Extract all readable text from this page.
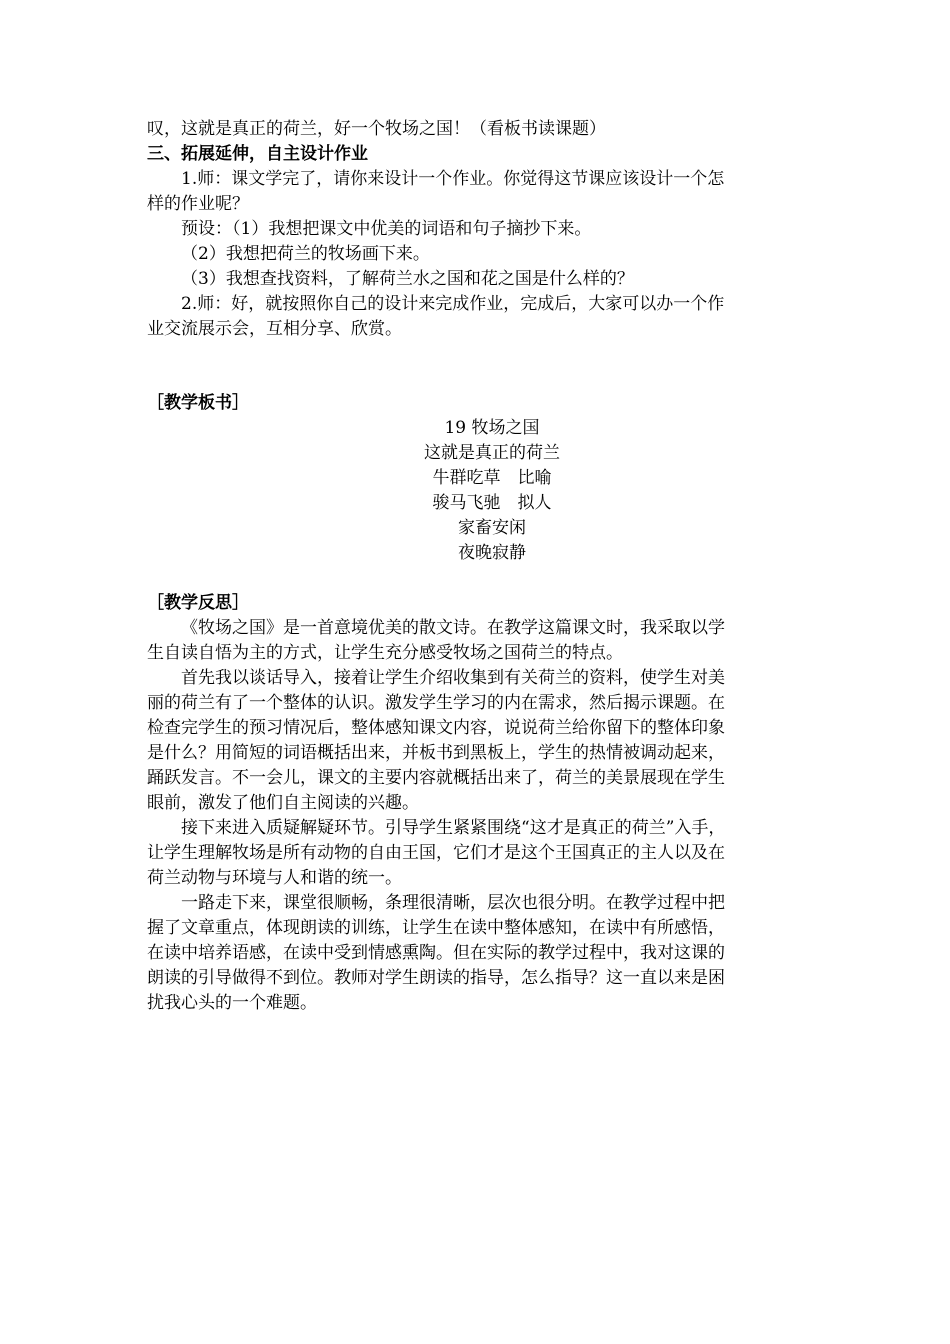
叹，这就是真正的荷兰，好一个牧场之国！（看板书读课题）

三、拓展延伸，自主设计作业

1.师：课文学完了，请你来设计一个作业。你觉得这节课应该设计一个怎

样的作业呢？

预设：（1）我想把课文中优美的词语和句子摘抄下来。

（2）我想把荷兰的牧场画下来。

（3）我想查找资料，了解荷兰水之国和花之国是什么样的？

2.师：好，就按照你自己的设计来完成作业，完成后，大家可以办一个作

业交流展示会，互相分享、欣赏。

［教学板书］

19 牧场之国

这就是真正的荷兰

牛群吃草　比喻

骏马飞驰　拟人

家畜安闲

夜晚寂静

［教学反思］

《牧场之国》是一首意境优美的散文诗。在教学这篇课文时，我采取以学

生自读自悟为主的方式，让学生充分感受牧场之国荷兰的特点。

首先我以谈话导入，接着让学生介绍收集到有关荷兰的资料，使学生对美

丽的荷兰有了一个整体的认识。激发学生学习的内在需求，然后揭示课题。在

检查完学生的预习情况后，整体感知课文内容，说说荷兰给你留下的整体印象

是什么？用简短的词语概括出来，并板书到黑板上，学生的热情被调动起来，

踊跃发言。不一会儿，课文的主要内容就概括出来了，荷兰的美景展现在学生

眼前，激发了他们自主阅读的兴趣。

接下来进入质疑解疑环节。引导学生紧紧围绕“这才是真正的荷兰”入手，

让学生理解牧场是所有动物的自由王国，它们才是这个王国真正的主人以及在

荷兰动物与环境与人和谐的统一。

一路走下来，课堂很顺畅，条理很清晰，层次也很分明。在教学过程中把

握了文章重点，体现朗读的训练，让学生在读中整体感知，在读中有所感悟，

在读中培养语感，在读中受到情感熏陶。但在实际的教学过程中，我对这课的

朗读的引导做得不到位。教师对学生朗读的指导，怎么指导？这一直以来是困

扰我心头的一个难题。
